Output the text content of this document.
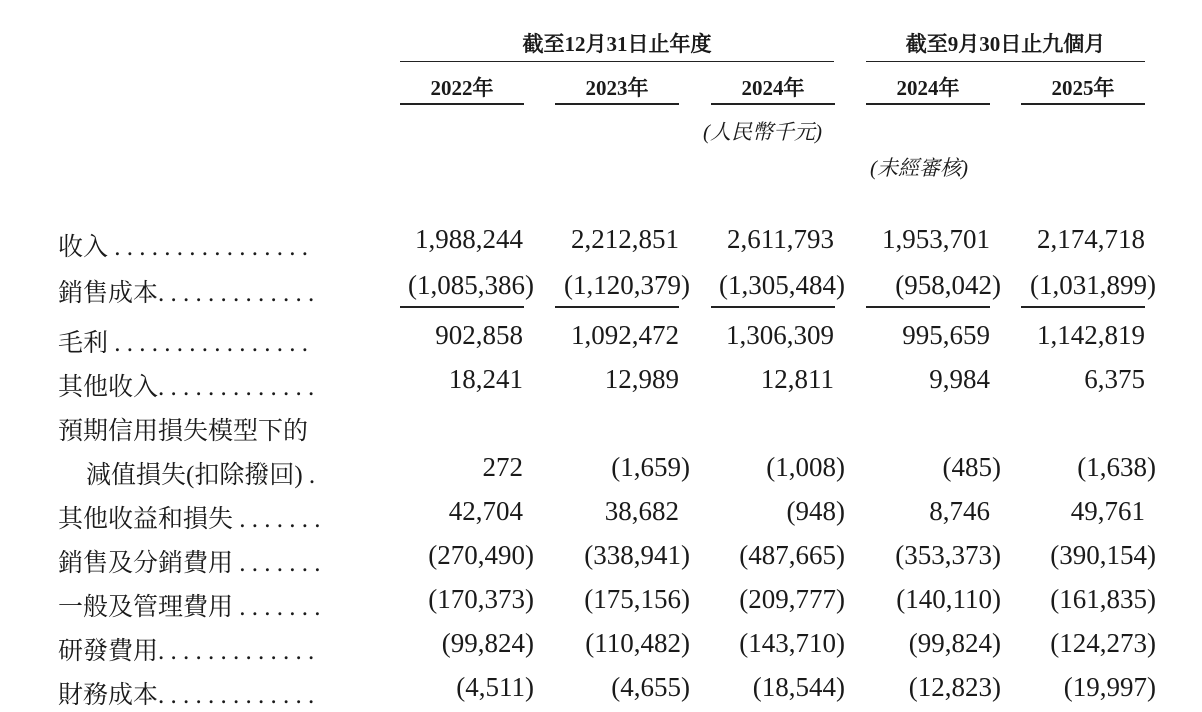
截至12月31日止年度	截至9月30日止九個月
2022年	2023年	2024年	2024年	2025年
(人民幣千元)
(未經審核)
收入 . . . . . . . . . . . . . . . .	1,988,244	2,212,851	2,611,793	1,953,701	2,174,718
銷售成本. . . . . . . . . . . . .	(1,085,386)	(1,120,379)	(1,305,484)	(958,042)	(1,031,899)
毛利 . . . . . . . . . . . . . . . .	902,858	1,092,472	1,306,309	995,659	1,142,819
其他收入. . . . . . . . . . . . .	18,241	12,989	12,811	9,984	6,375
預期信用損失模型下的
減值損失(扣除撥回) .	272	(1,659)	(1,008)	(485)	(1,638)
其他收益和損失 . . . . . . .	42,704	38,682	(948)	8,746	49,761
銷售及分銷費用 . . . . . . .	(270,490)	(338,941)	(487,665)	(353,373)	(390,154)
一般及管理費用 . . . . . . .	(170,373)	(175,156)	(209,777)	(140,110)	(161,835)
研發費用. . . . . . . . . . . . .	(99,824)	(110,482)	(143,710)	(99,824)	(124,273)
財務成本. . . . . . . . . . . . .	(4,511)	(4,655)	(18,544)	(12,823)	(19,997)
